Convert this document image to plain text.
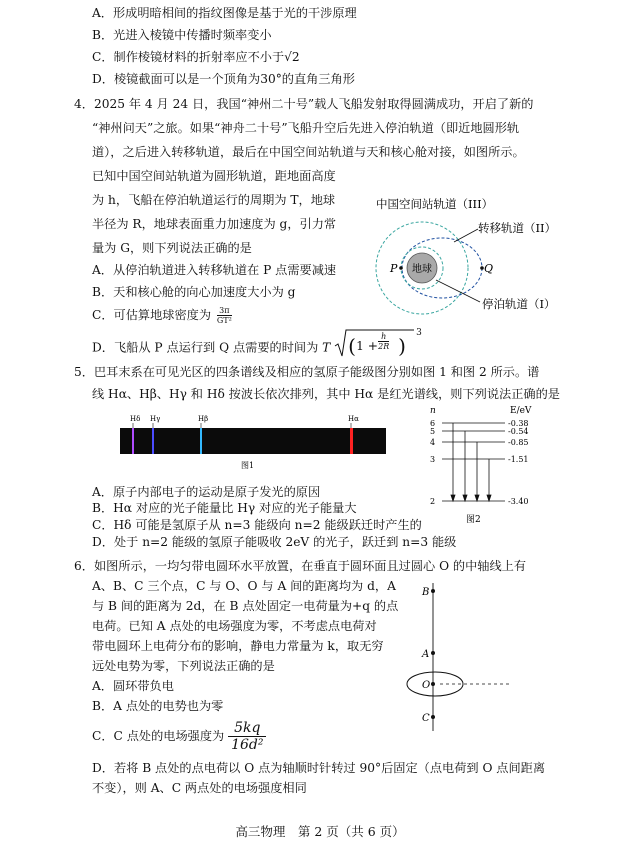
A．形成明暗相间的指纹图像是基于光的干涉原理
B．光进入棱镜中传播时频率变小
C．制作棱镜材料的折射率应不小于√2
D．棱镜截面可以是一个顶角为30°的直角三角形
4．2025 年 4 月 24 日，我国“神州二十号”载人飞船发射取得圆满成功，开启了新的
“神州问天”之旅。如果“神舟二十号”飞船升空后先进入停泊轨道（即近地圆形轨
道），之后进入转移轨道，最后在中国空间站轨道与天和核心舱对接，如图所示。
已知中国空间站轨道为圆形轨道，距地面高度
为 h，飞船在停泊轨道运行的周期为 T，地球
半径为 R，地球表面重力加速度为 g，引力常
量为 G，则下列说法正确的是
A．从停泊轨道进入转移轨道在 P 点需要减速
B．天和核心舱的向心加速度大小为 g
C．可估算地球密度为 $\frac{3\pi}{\text{GT²}}$
D．飞船从 P 点运行到 Q 点需要的时间为 T ( 1 +
h
2R )
3
中国空间站轨道（III）
转移轨道（II）
停泊轨道（I）
地球
P	Q
5．巴耳末系在可见光区的四条谱线及相应的氢原子能级图分别如图 1 和图 2 所示。谱
线 Hα、Hβ、Hγ 和 Hδ 按波长依次排列，其中 Hα 是红光谱线，则下列说法正确的是
Hδ Hγ	Hβ	Hα
图1
n	E/eV
6	-0.38
5	-0.54
4	-0.85
3	-1.51
2	-3.40
图2
A．原子内部电子的运动是原子发光的原因
B．Hα 对应的光子能量比 Hγ 对应的光子能量大
C．Hδ 可能是氢原子从 n=3 能级向 n=2 能级跃迁时产生的
D．处于 n=2 能级的氢原子能吸收 2eV 的光子，跃迁到 n=3 能级
6．如图所示，一均匀带电圆环水平放置，在垂直于圆环面且过圆心 O 的中轴线上有
A、B、C 三个点，C 与 O、O 与 A 间的距离均为 d，A
与 B 间的距离为 2d，在 B 点处固定一电荷量为+q 的点
电荷。已知 A 点处的电场强度为零，不考虑点电荷对
带电圆环上电荷分布的影响，静电力常量为 k，取无穷
远处电势为零，下列说法正确的是
A．圆环带负电
B．A 点处的电势也为零
C．C 点处的电场强度为 $\frac{5kq}{\text{16d²}}$
D．若将 B 点处的点电荷以 O 点为轴顺时针转过 90°后固定（点电荷到 O 点间距离
不变），则 A、C 两点处的电场强度相同
B
A
O
C
高三物理　第 2 页（共 6 页）
